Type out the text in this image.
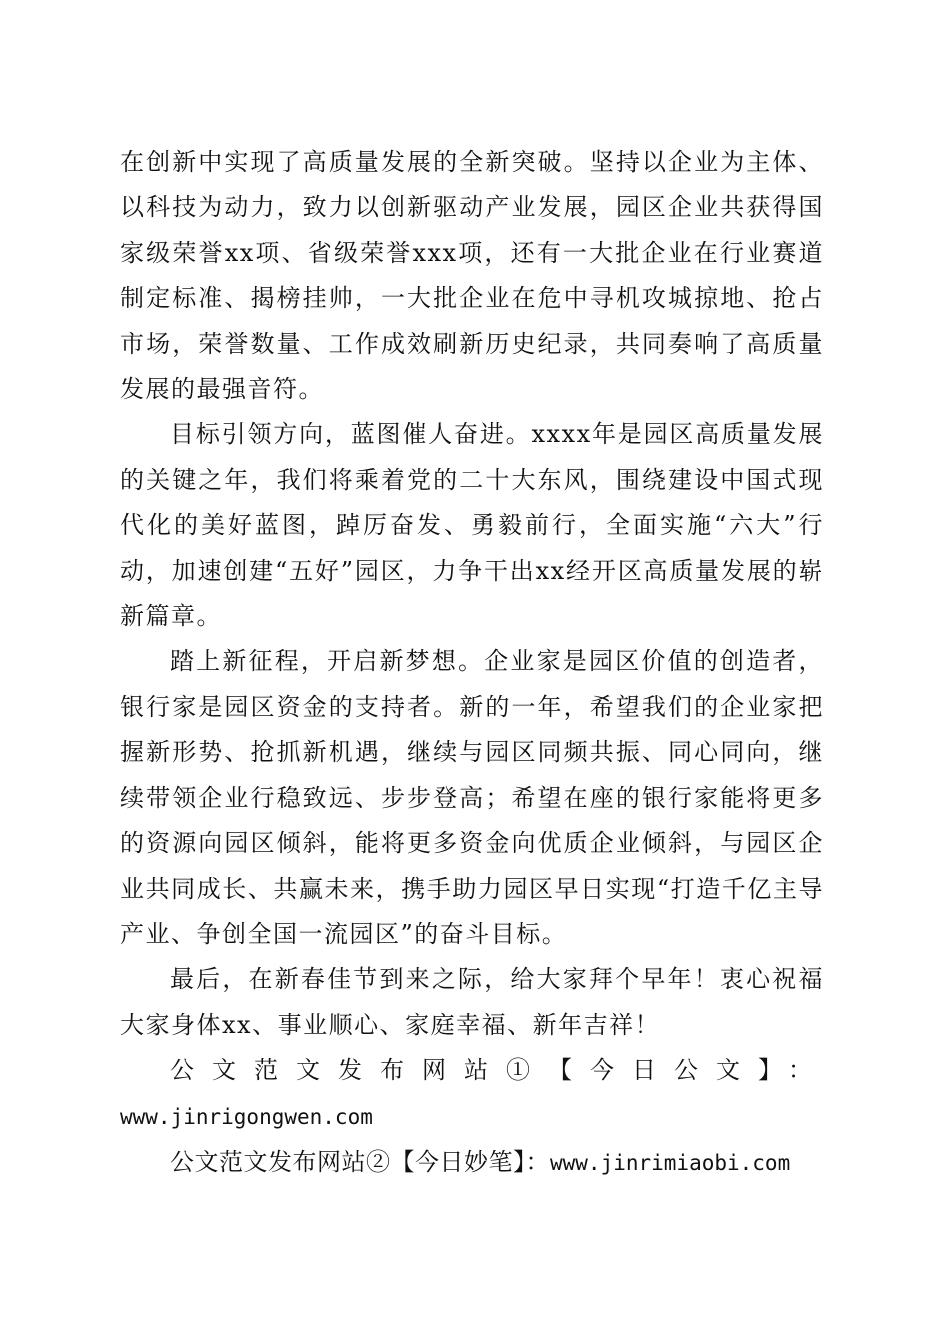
在创新中实现了高质量发展的全新突破。坚持以企业为主体、以科技为动力，致力以创新驱动产业发展，园区企业共获得国家级荣誉xx项、省级荣誉xxx项，还有一大批企业在行业赛道制定标准、揭榜挂帅，一大批企业在危中寻机攻城掠地、抢占市场，荣誉数量、工作成效刷新历史纪录，共同奏响了高质量发展的最强音符。

目标引领方向，蓝图催人奋进。xxxx年是园区高质量发展的关键之年，我们将乘着党的二十大东风，围绕建设中国式现代化的美好蓝图，踔厉奋发、勇毅前行，全面实施“六大”行动，加速创建“五好”园区，力争干出xx经开区高质量发展的崭新篇章。

踏上新征程，开启新梦想。企业家是园区价值的创造者，银行家是园区资金的支持者。新的一年，希望我们的企业家把握新形势、抢抓新机遇，继续与园区同频共振、同心同向，继续带领企业行稳致远、步步登高；希望在座的银行家能将更多的资源向园区倾斜，能将更多资金向优质企业倾斜，与园区企业共同成长、共赢未来，携手助力园区早日实现“打造千亿主导产业、争创全国一流园区”的奋斗目标。

最后，在新春佳节到来之际，给大家拜个早年！衷心祝福大家身体xx、事业顺心、家庭幸福、新年吉祥！

公文范文发布网站①【今日公文】：

www.jinrigongwen.com

公文范文发布网站②【今日妙笔】：www.jinrimiaobi.com
